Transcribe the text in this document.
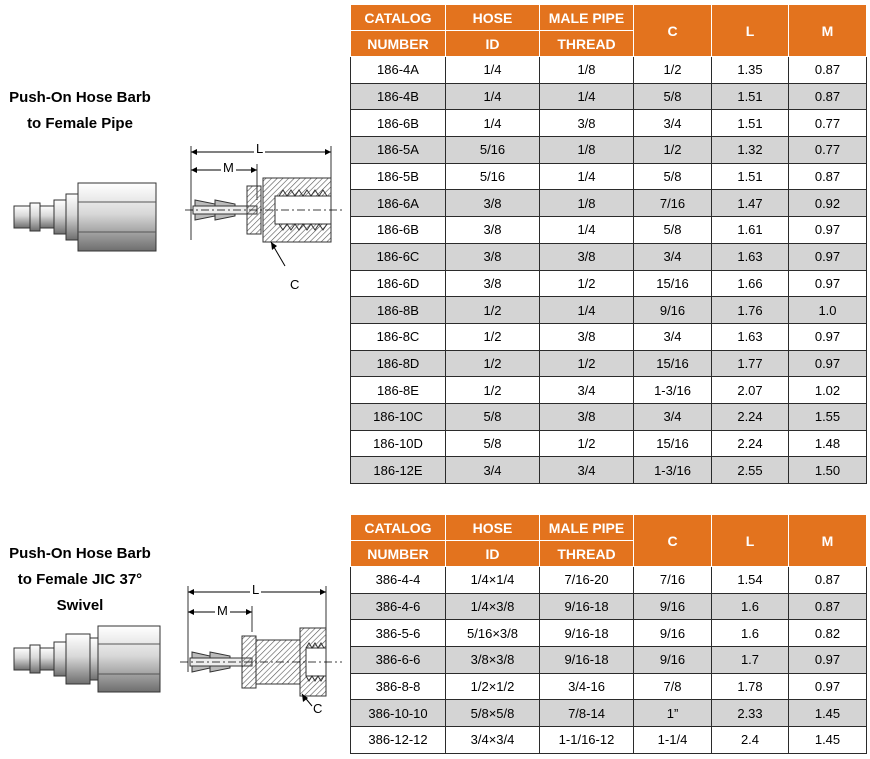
Push-On Hose Barb
to Female Pipe
L
M
C
CATALOG	HOSE	MALE PIPE	C	L	M
NUMBER	ID	THREAD			
186-4A	1/4	1/8	1/2	1.35	0.87
186-4B	1/4	1/4	5/8	1.51	0.87
186-6B	1/4	3/8	3/4	1.51	0.77
186-5A	5/16	1/8	1/2	1.32	0.77
186-5B	5/16	1/4	5/8	1.51	0.87
186-6A	3/8	1/8	7/16	1.47	0.92
186-6B	3/8	1/4	5/8	1.61	0.97
186-6C	3/8	3/8	3/4	1.63	0.97
186-6D	3/8	1/2	15/16	1.66	0.97
186-8B	1/2	1/4	9/16	1.76	1.0
186-8C	1/2	3/8	3/4	1.63	0.97
186-8D	1/2	1/2	15/16	1.77	0.97
186-8E	1/2	3/4	1-3/16	2.07	1.02
186-10C	5/8	3/8	3/4	2.24	1.55
186-10D	5/8	1/2	15/16	2.24	1.48
186-12E	3/4	3/4	1-3/16	2.55	1.50
Push-On Hose Barb
to Female JIC 37°
Swivel
L
M
C
CATALOG	HOSE	MALE PIPE	C	L	M
NUMBER	ID	THREAD			
386-4-4	1/4×1/4	7/16-20	7/16	1.54	0.87
386-4-6	1/4×3/8	9/16-18	9/16	1.6	0.87
386-5-6	5/16×3/8	9/16-18	9/16	1.6	0.82
386-6-6	3/8×3/8	9/16-18	9/16	1.7	0.97
386-8-8	1/2×1/2	3/4-16	7/8	1.78	0.97
386-10-10	5/8×5/8	7/8-14	1”	2.33	1.45
386-12-12	3/4×3/4	1-1/16-12	1-1/4	2.4	1.45
